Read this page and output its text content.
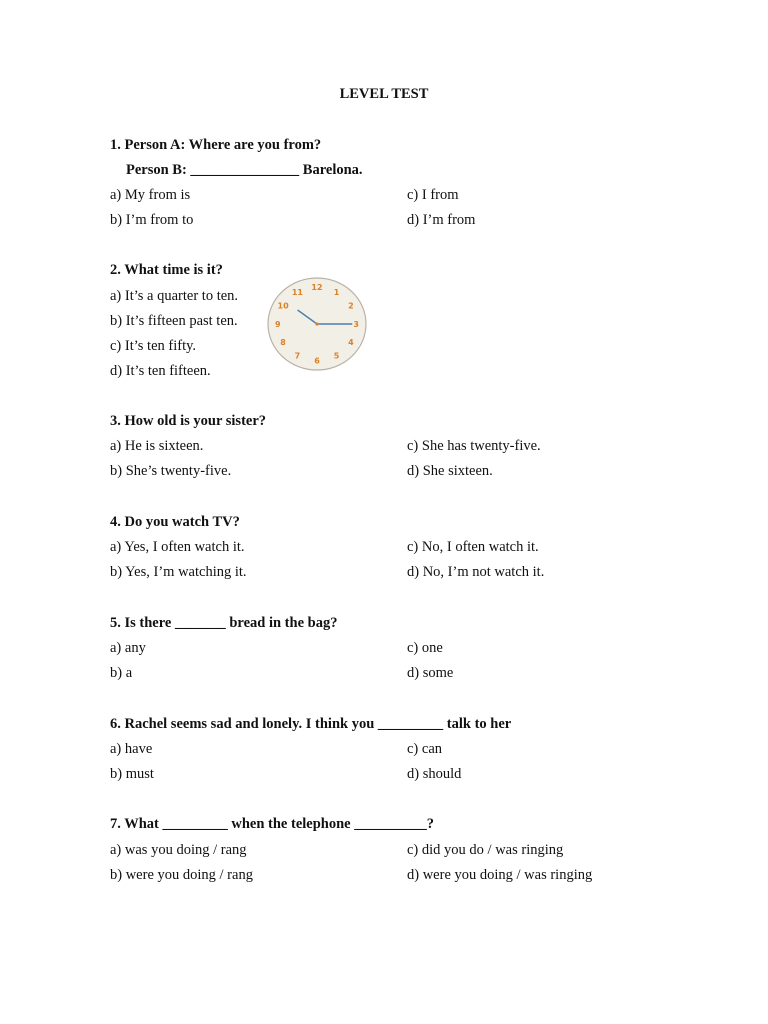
LEVEL TEST
1. Person A: Where are you from?
Person B: _______________ Barelona.
a) My from is
b) I’m from to
c) I from
d) I’m from
2. What time is it?
a) It’s a quarter to ten.
b) It’s fifteen past ten.
c) It’s ten fifty.
d) It’s ten fifteen.
12
1
2
3
4
5
6
7
8
9
10
11
3. How old is your sister?
a) He is sixteen.
b) She’s twenty-five.
c) She has twenty-five.
d) She sixteen.
4. Do you watch TV?
a) Yes, I often watch it.
b) Yes, I’m watching it.
c) No, I often watch it.
d) No, I’m not watch it.
5. Is there _______ bread in the bag?
a) any
b) a
c) one
d) some
6. Rachel seems sad and lonely. I think you _________ talk to her
a) have
b) must
c) can
d) should
7. What _________ when the telephone __________?
a) was you doing / rang
b) were you doing / rang
c) did you do / was ringing
d) were you doing / was ringing
